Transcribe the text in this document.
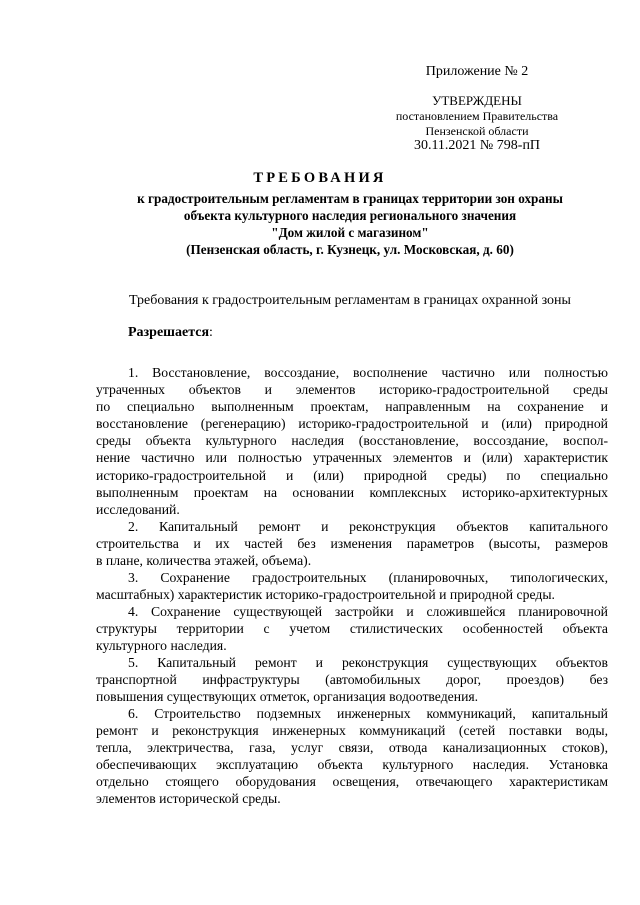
Приложение № 2
УТВЕРЖДЕНЫ
постановлением Правительства
Пензенской области
30.11.2021 № 798-пП
ТРЕБОВАНИЯ
к градостроительным регламентам в границах территории зон охраны
объекта культурного наследия регионального значения
"Дом жилой с магазином"
(Пензенская область, г. Кузнецк, ул. Московская, д. 60)
Требования к градостроительным регламентам в границах охранной зоны
Разрешается:
1. Восстановление, воссоздание, восполнение частично или полностью
утраченных объектов и элементов историко-градостроительной среды
по специально выполненным проектам, направленным на сохранение и
восстановление (регенерацию) историко-градостроительной и (или) природной
среды объекта культурного наследия (восстановление, воссоздание, воспол-
нение частично или полностью утраченных элементов и (или) характеристик
историко-градостроительной и (или) природной среды) по специально
выполненным проектам на основании комплексных историко-архитектурных
исследований.
2. Капитальный ремонт и реконструкция объектов капитального
строительства и их частей без изменения параметров (высоты, размеров
в плане, количества этажей, объема).
3. Сохранение градостроительных (планировочных, типологических,
масштабных) характеристик историко-градостроительной и природной среды.
4. Сохранение существующей застройки и сложившейся планировочной
структуры территории с учетом стилистических особенностей объекта
культурного наследия.
5. Капитальный ремонт и реконструкция существующих объектов
транспортной инфраструктуры (автомобильных дорог, проездов) без
повышения существующих отметок, организация водоотведения.
6. Строительство подземных инженерных коммуникаций, капитальный
ремонт и реконструкция инженерных коммуникаций (сетей поставки воды,
тепла, электричества, газа, услуг связи, отвода канализационных стоков),
обеспечивающих эксплуатацию объекта культурного наследия. Установка
отдельно стоящего оборудования освещения, отвечающего характеристикам
элементов исторической среды.
